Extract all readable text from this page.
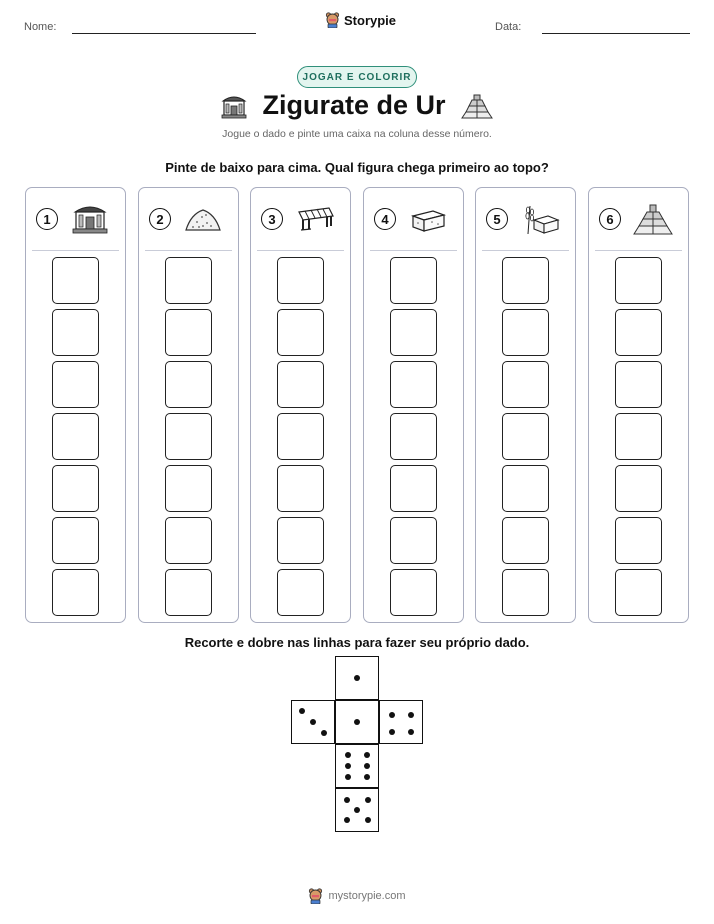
Nome:	Storypie	Data:
JOGAR E COLORIR
Zigurate de Ur
Jogue o dado e pinte uma caixa na coluna desse número.
Pinte de baixo para cima. Qual figura chega primeiro ao topo?
1	2	3	4	5	6
Recorte e dobre nas linhas para fazer seu próprio dado.
mystorypie.com
